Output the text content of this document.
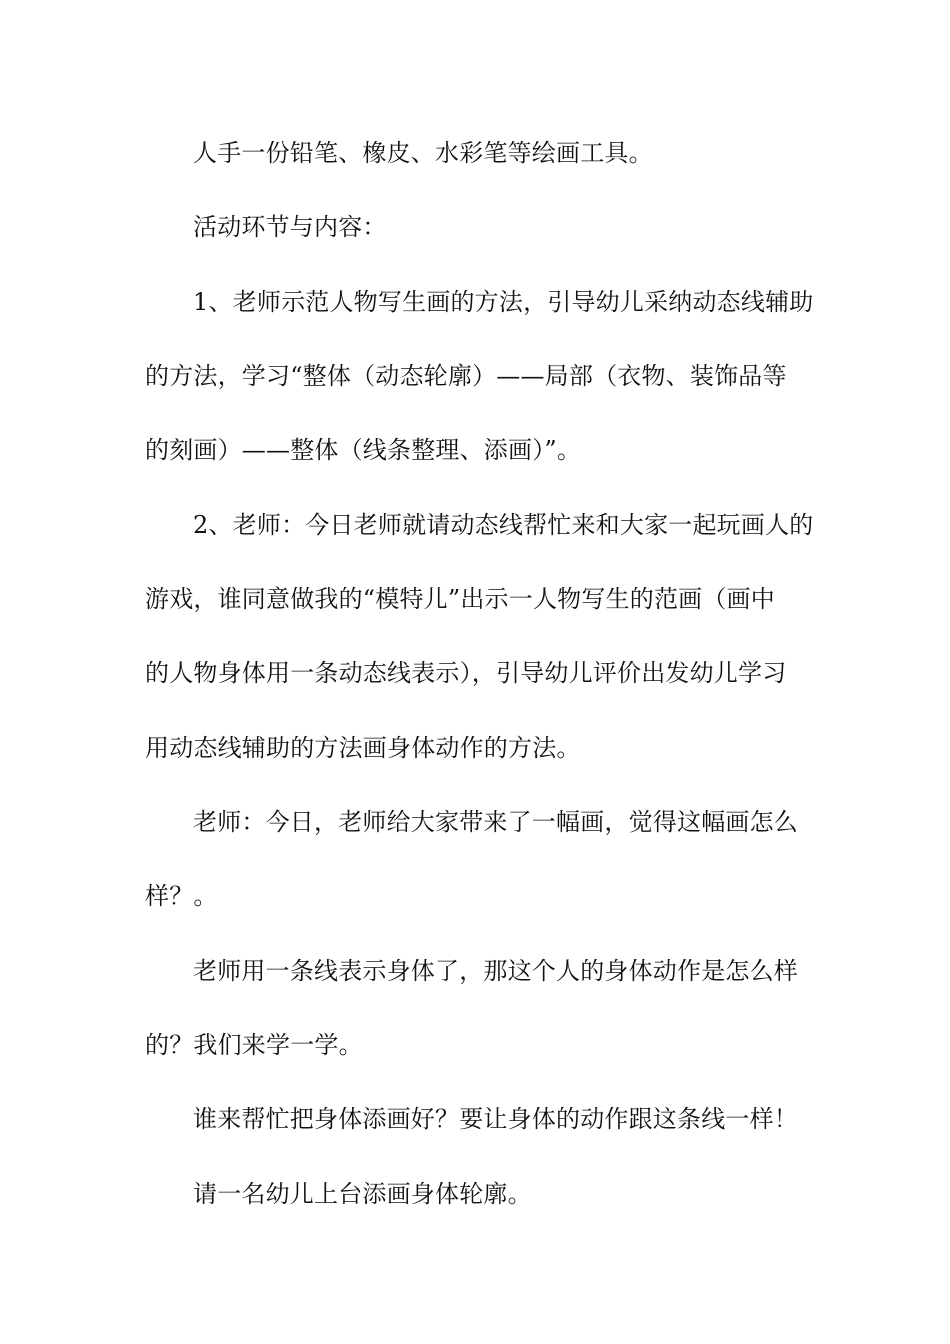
人手一份铅笔、橡皮、水彩笔等绘画工具。
活动环节与内容：
1、老师示范人物写生画的方法，引导幼儿采纳动态线辅助
的方法，学习“整体（动态轮廓）——局部（衣物、装饰品等
的刻画）——整体（线条整理、添画）”。
2、老师：今日老师就请动态线帮忙来和大家一起玩画人的
游戏，谁同意做我的“模特儿”出示一人物写生的范画（画中
的人物身体用一条动态线表示），引导幼儿评价出发幼儿学习
用动态线辅助的方法画身体动作的方法。
老师：今日，老师给大家带来了一幅画，觉得这幅画怎么
样？。
老师用一条线表示身体了，那这个人的身体动作是怎么样
的？我们来学一学。
谁来帮忙把身体添画好？要让身体的动作跟这条线一样！
请一名幼儿上台添画身体轮廓。
